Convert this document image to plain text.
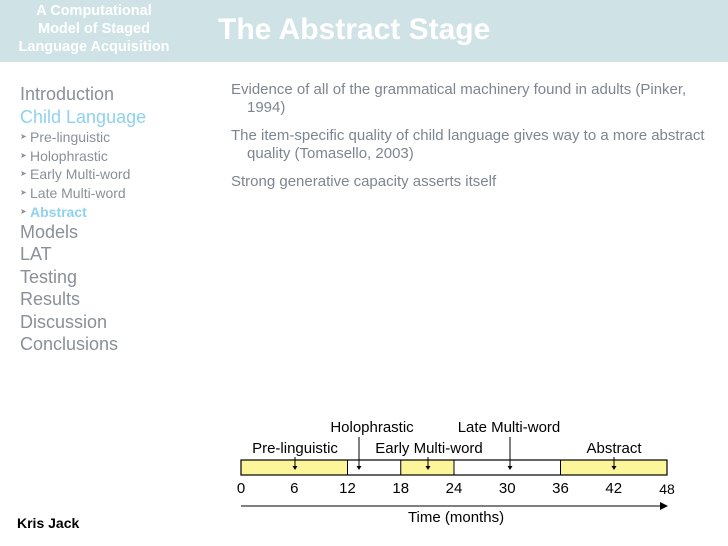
A Computational
Model of Staged
Language Acquisition
Introduction
Child Language
➤ Pre-linguistic
➤ Holophrastic
➤ Early Multi-word
➤ Late Multi-word
➤ Abstract
Models
LAT
Testing
Results
Discussion
Conclusions
Kris Jack
The Abstract Stage
Evidence of all of the grammatical machinery found in adults (Pinker, 1994)
The item-specific quality of child language gives way to a more abstract quality (Tomasello, 2003)
Strong generative capacity asserts itself
Holophrastic	Late Multi-word
Pre-linguistic Early Multi-word	Abstract
0	6	12 18 24 30 36 42	48
Time (months)
